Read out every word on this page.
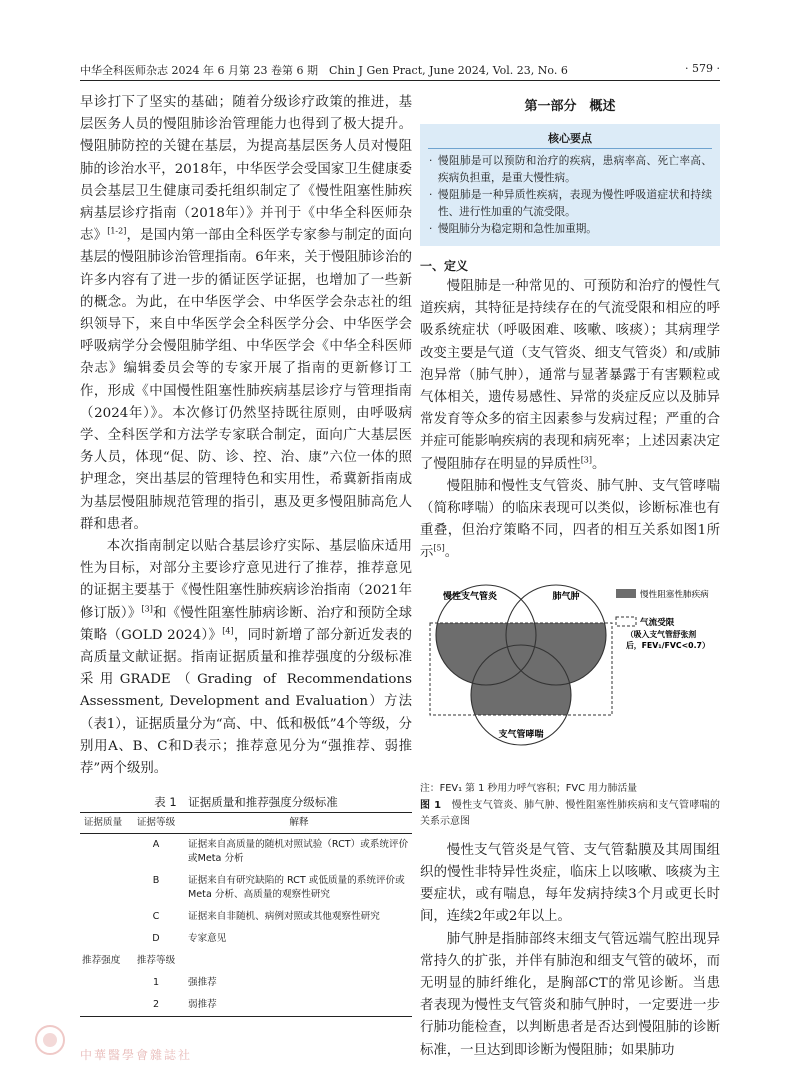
中华全科医师杂志 2024 年 6 月第 23 卷第 6 期　Chin J Gen Pract, June 2024, Vol. 23, No. 6	· 579 ·

早诊打下了坚实的基础；随着分级诊疗政策的推进，基层医务人员的慢阻肺诊治管理能力也得到了极大提升。慢阻肺防控的关键在基层，为提高基层医务人员对慢阻肺的诊治水平，2018年，中华医学会受国家卫生健康委员会基层卫生健康司委托组织制定了《慢性阻塞性肺疾病基层诊疗指南（2018年）》并刊于《中华全科医师杂志》[1-2]，是国内第一部由全科医学专家参与制定的面向基层的慢阻肺诊治管理指南。6年来，关于慢阻肺诊治的许多内容有了进一步的循证医学证据，也增加了一些新的概念。为此，在中华医学会、中华医学会杂志社的组织领导下，来自中华医学会全科医学分会、中华医学会呼吸病学分会慢阻肺学组、中华医学会《中华全科医师杂志》编辑委员会等的专家开展了指南的更新修订工作，形成《中国慢性阻塞性肺疾病基层诊疗与管理指南（2024年）》。本次修订仍然坚持既往原则，由呼吸病学、全科医学和方法学专家联合制定，面向广大基层医务人员，体现“促、防、诊、控、治、康”六位一体的照护理念，突出基层的管理特色和实用性，希冀新指南成为基层慢阻肺规范管理的指引，惠及更多慢阻肺高危人群和患者。

本次指南制定以贴合基层诊疗实际、基层临床适用性为目标，对部分主要诊疗意见进行了推荐，推荐意见的证据主要基于《慢性阻塞性肺疾病诊治指南（2021年修订版）》[3]和《慢性阻塞性肺病诊断、治疗和预防全球策略（GOLD 2024）》[4]，同时新增了部分新近发表的高质量文献证据。指南证据质量和推荐强度的分级标准采用GRADE（Grading of Recommendations Assessment, Development and Evaluation）方法（表1），证据质量分为“高、中、低和极低”4个等级，分别用A、B、C和D表示；推荐意见分为“强推荐、弱推荐”两个级别。

表 1　证据质量和推荐强度分级标准
证据质量	证据等级	解释
	A	证据来自高质量的随机对照试验（RCT）或系统评价或Meta 分析
	B	证据来自有研究缺陷的 RCT 或低质量的系统评价或Meta 分析、高质量的观察性研究
	C	证据来自非随机、病例对照或其他观察性研究
	D	专家意见
推荐强度	推荐等级	
	1	强推荐
	2	弱推荐
第一部分　概述
核心要点
· 慢阻肺是可以预防和治疗的疾病，患病率高、死亡率高、疾病负担重，是重大慢性病。
· 慢阻肺是一种异质性疾病，表现为慢性呼吸道症状和持续性、进行性加重的气流受限。
· 慢阻肺分为稳定期和急性加重期。
一、定义

慢阻肺是一种常见的、可预防和治疗的慢性气道疾病，其特征是持续存在的气流受限和相应的呼吸系统症状（呼吸困难、咳嗽、咳痰）；其病理学改变主要是气道（支气管炎、细支气管炎）和/或肺泡异常（肺气肿），通常与显著暴露于有害颗粒或气体相关，遗传易感性、异常的炎症反应以及肺异常发育等众多的宿主因素参与发病过程；严重的合并症可能影响疾病的表现和病死率；上述因素决定了慢阻肺存在明显的异质性[3]。

慢阻肺和慢性支气管炎、肺气肿、支气管哮喘（简称哮喘）的临床表现可以类似，诊断标准也有重叠，但治疗策略不同，四者的相互关系如图1所示[5]。

慢性支气管炎	肺气肿
支气管哮喘
慢性阻塞性肺疾病
气流受限
（吸入支气管舒张剂
后，FEV₁/FVC<0.7）
注：FEV₁ 第 1 秒用力呼气容积；FVC 用力肺活量
图 1　慢性支气管炎、肺气肿、慢性阻塞性肺疾病和支气管哮喘的关系示意图

慢性支气管炎是气管、支气管黏膜及其周围组织的慢性非特异性炎症，临床上以咳嗽、咳痰为主要症状，或有喘息，每年发病持续3个月或更长时间，连续2年或2年以上。

肺气肿是指肺部终末细支气管远端气腔出现异常持久的扩张，并伴有肺泡和细支气管的破坏，而无明显的肺纤维化，是胸部CT的常见诊断。当患者表现为慢性支气管炎和肺气肿时，一定要进一步行肺功能检查，以判断患者是否达到慢阻肺的诊断标准，一旦达到即诊断为慢阻肺；如果肺功

中華醫學會雜誌社
